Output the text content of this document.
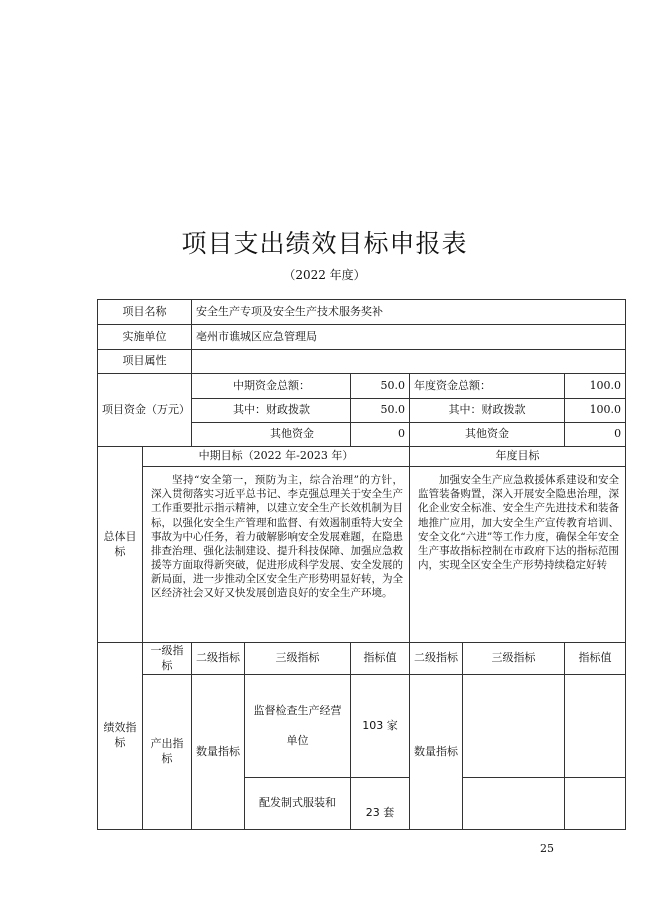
项目支出绩效目标申报表
（2022 年度）
项目名称		安全生产专项及安全生产技术服务奖补					
实施单位		亳州市谯城区应急管理局					
项目属性							
项目资金（万元）		中期资金总额：		50.0	年度资金总额：		100.0
		其中：财政拨款		50.0	其中：财政拨款		100.0
		其他资金		0	其他资金		0
总体目标	中期目标（2022 年-2023 年）				年度目标		
	坚持“安全第一，预防为主，综合治理”的方针，深入贯彻落实习近平总书记、李克强总理关于安全生产工作重要批示指示精神，以建立安全生产长效机制为目标，以强化安全生产管理和监督、有效遏制重特大安全事故为中心任务，着力破解影响安全发展难题，在隐患排查治理、强化法制建设、提升科技保障、加强应急救援等方面取得新突破，促进形成科学发展、安全发展的新局面，进一步推动全区安全生产形势明显好转，为全区经济社会又好又快发展创造良好的安全生产环境。				加强安全生产应急救援体系建设和安全监管装备购置，深入开展安全隐患治理，深化企业安全标准、安全生产先进技术和装备地推广应用，加大安全生产宣传教育培训、安全文化“六进”等工作力度，确保全年安全生产事故指标控制在市政府下达的指标范围内，实现全区安全生产形势持续稳定好转		
绩效指标	一级指标	二级指标	三级指标	指标值	二级指标	三级指标	指标值
	产出指标	数量指标	监督检查生产经营单位	103 家	数量指标		
			配发制式服装和	23 套			
25
